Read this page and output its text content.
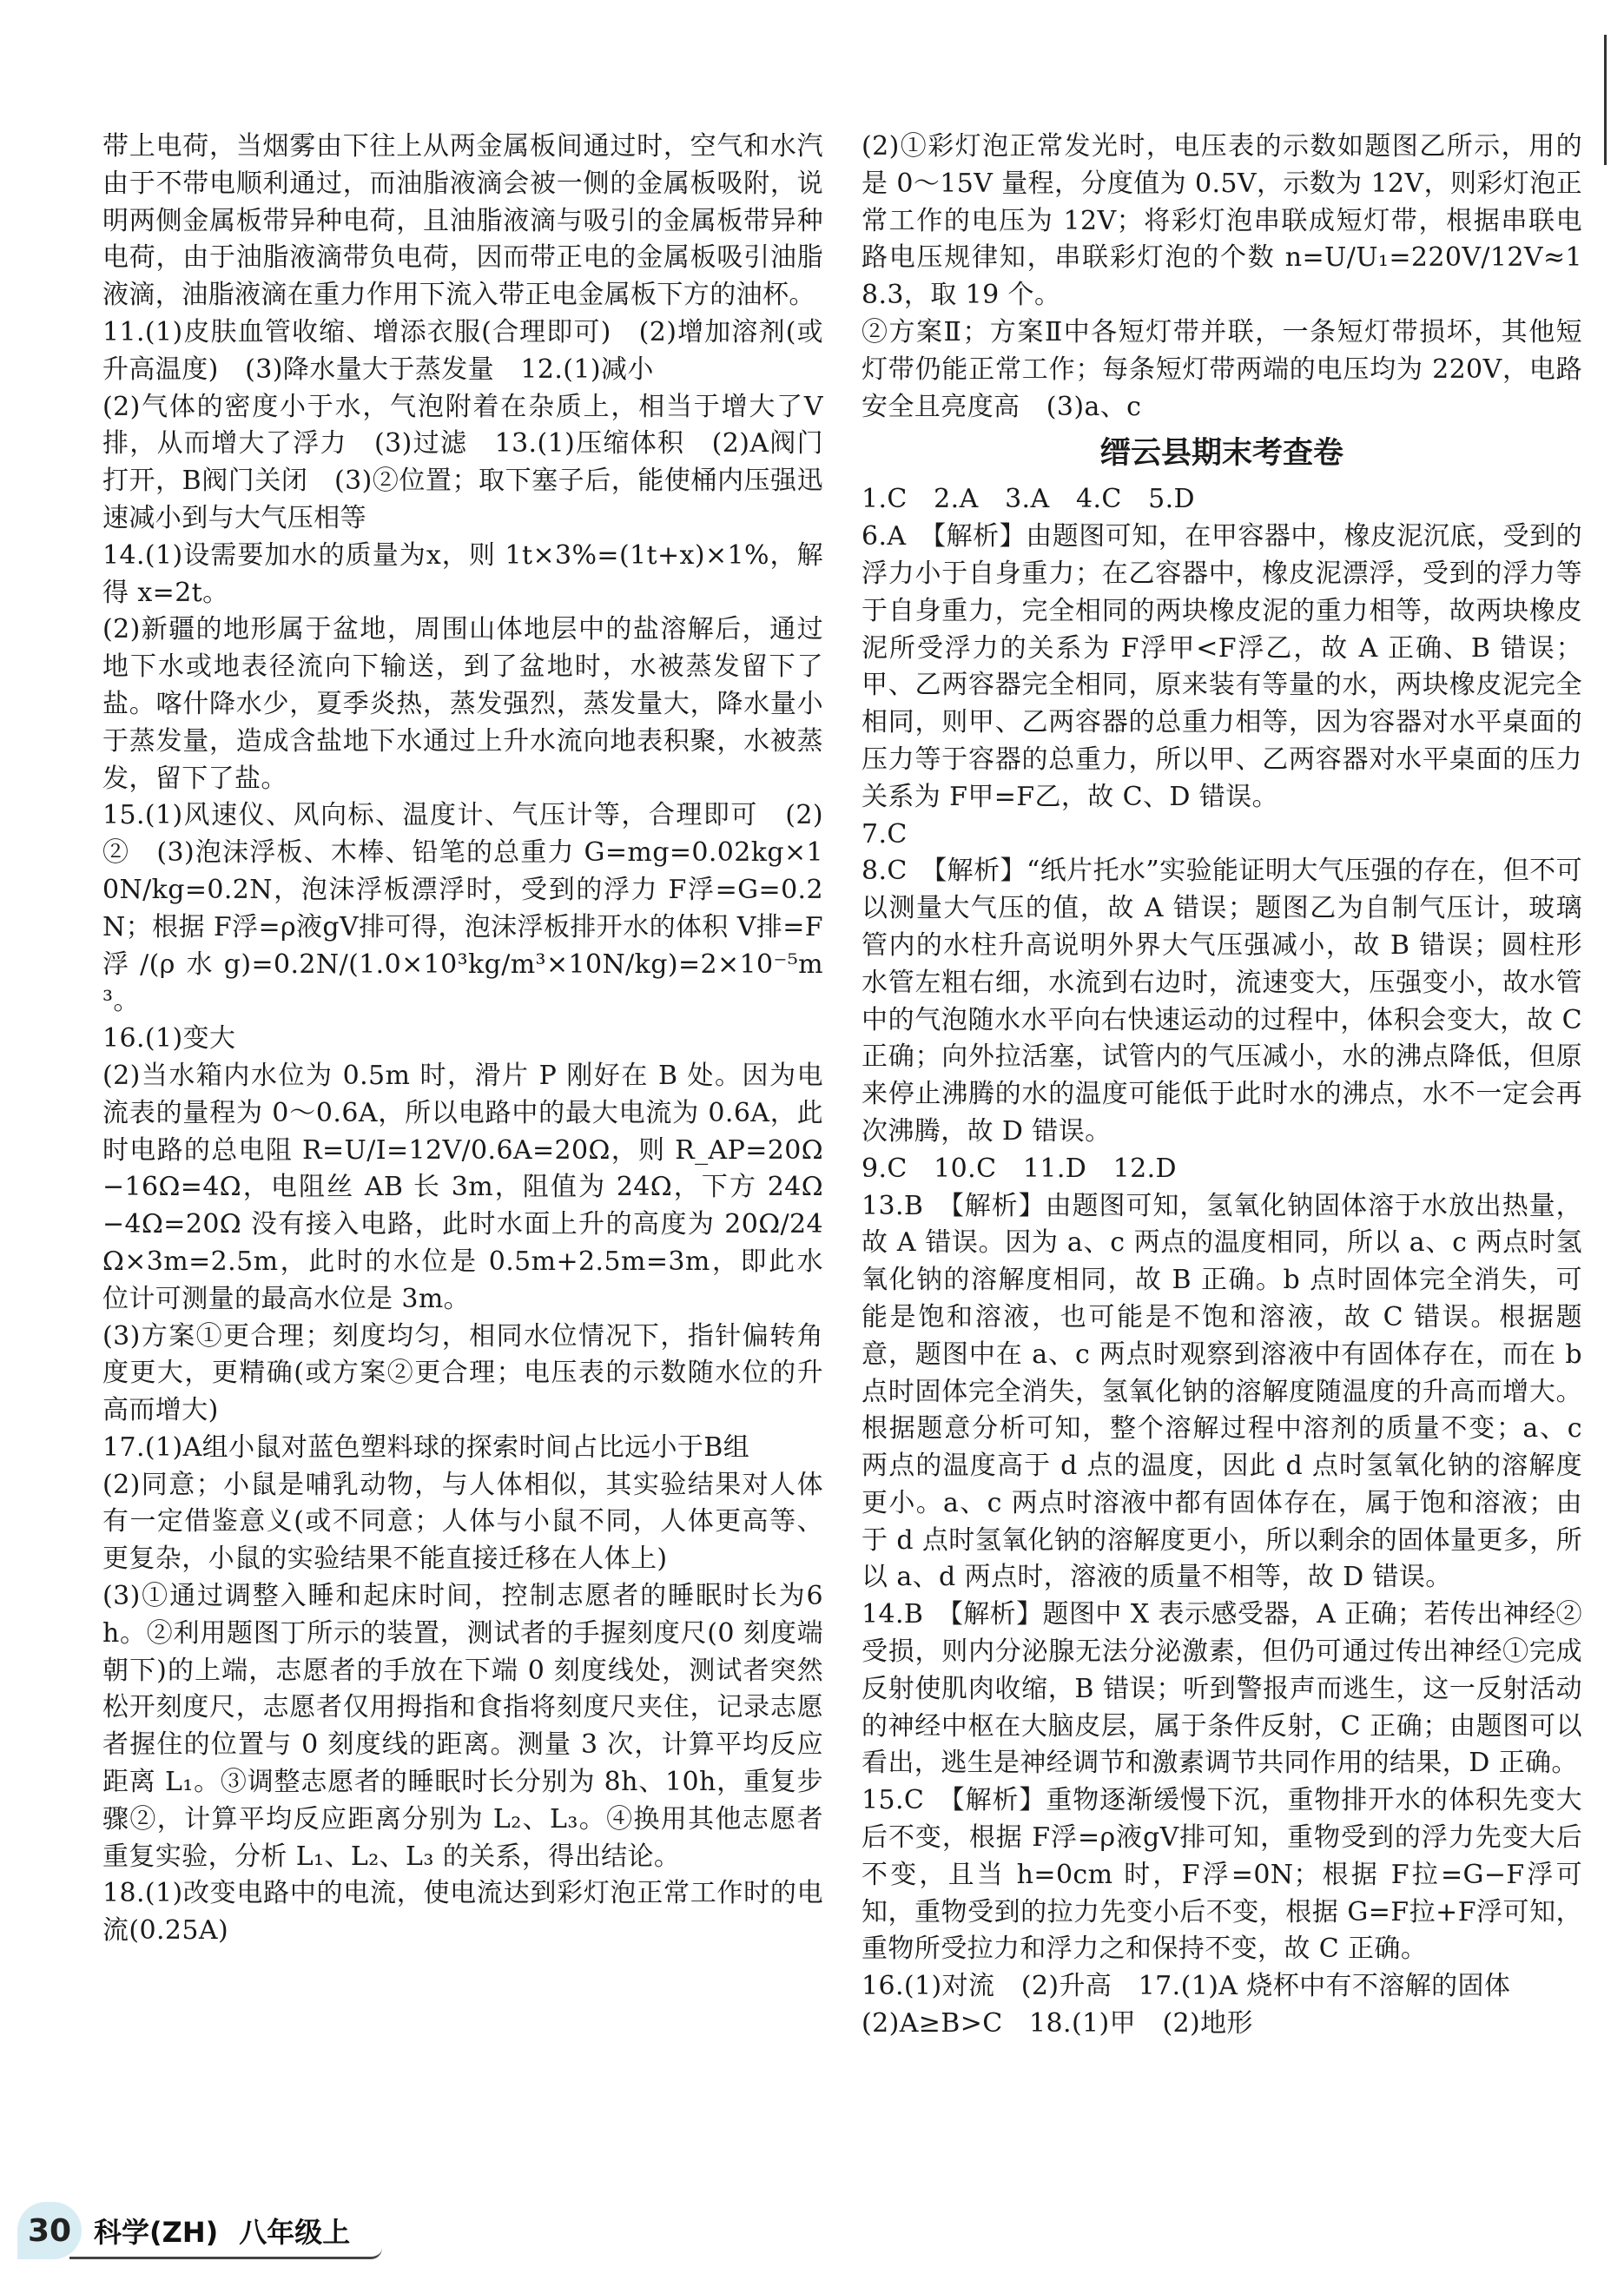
带上电荷，当烟雾由下往上从两金属板间通过时，空气和水汽由于不带电顺利通过，而油脂液滴会被一侧的金属板吸附，说明两侧金属板带异种电荷，且油脂液滴与吸引的金属板带异种电荷，由于油脂液滴带负电荷，因而带正电的金属板吸引油脂液滴，油脂液滴在重力作用下流入带正电金属板下方的油杯。

11.(1)皮肤血管收缩、增添衣服(合理即可)　(2)增加溶剂(或升高温度)　(3)降水量大于蒸发量　12.(1)减小

(2)气体的密度小于水，气泡附着在杂质上，相当于增大了V排，从而增大了浮力　(3)过滤　13.(1)压缩体积　(2)A阀门打开，B阀门关闭　(3)②位置；取下塞子后，能使桶内压强迅速减小到与大气压相等

14.(1)设需要加水的质量为x，则 1t×3%=(1t+x)×1%，解得 x=2t。

(2)新疆的地形属于盆地，周围山体地层中的盐溶解后，通过地下水或地表径流向下输送，到了盆地时，水被蒸发留下了盐。喀什降水少，夏季炎热，蒸发强烈，蒸发量大，降水量小于蒸发量，造成含盐地下水通过上升水流向地表积聚，水被蒸发，留下了盐。

15.(1)风速仪、风向标、温度计、气压计等，合理即可　(2)②　(3)泡沫浮板、木棒、铅笔的总重力 G=mg=0.02kg×10N/kg=0.2N，泡沫浮板漂浮时，受到的浮力 F浮=G=0.2N；根据 F浮=ρ液gV排可得，泡沫浮板排开水的体积 V排=F浮/(ρ水g)=0.2N/(1.0×10³kg/m³×10N/kg)=2×10⁻⁵m³。

16.(1)变大

(2)当水箱内水位为 0.5m 时，滑片 P 刚好在 B 处。因为电流表的量程为 0～0.6A，所以电路中的最大电流为 0.6A，此时电路的总电阻 R=U/I=12V/0.6A=20Ω，则 R_AP=20Ω−16Ω=4Ω，电阻丝 AB 长 3m，阻值为 24Ω，下方 24Ω−4Ω=20Ω 没有接入电路，此时水面上升的高度为 20Ω/24Ω×3m=2.5m，此时的水位是 0.5m+2.5m=3m，即此水位计可测量的最高水位是 3m。

(3)方案①更合理；刻度均匀，相同水位情况下，指针偏转角度更大，更精确(或方案②更合理；电压表的示数随水位的升高而增大)

17.(1)A组小鼠对蓝色塑料球的探索时间占比远小于B组

(2)同意；小鼠是哺乳动物，与人体相似，其实验结果对人体有一定借鉴意义(或不同意；人体与小鼠不同，人体更高等、更复杂，小鼠的实验结果不能直接迁移在人体上)

(3)①通过调整入睡和起床时间，控制志愿者的睡眠时长为6h。②利用题图丁所示的装置，测试者的手握刻度尺(0 刻度端朝下)的上端，志愿者的手放在下端 0 刻度线处，测试者突然松开刻度尺，志愿者仅用拇指和食指将刻度尺夹住，记录志愿者握住的位置与 0 刻度线的距离。测量 3 次，计算平均反应距离 L₁。③调整志愿者的睡眠时长分别为 8h、10h，重复步骤②，计算平均反应距离分别为 L₂、L₃。④换用其他志愿者重复实验，分析 L₁、L₂、L₃ 的关系，得出结论。

18.(1)改变电路中的电流，使电流达到彩灯泡正常工作时的电流(0.25A)

(2)①彩灯泡正常发光时，电压表的示数如题图乙所示，用的是 0～15V 量程，分度值为 0.5V，示数为 12V，则彩灯泡正常工作的电压为 12V；将彩灯泡串联成短灯带，根据串联电路电压规律知，串联彩灯泡的个数 n=U/U₁=220V/12V≈18.3，取 19 个。

②方案Ⅱ；方案Ⅱ中各短灯带并联，一条短灯带损坏，其他短灯带仍能正常工作；每条短灯带两端的电压均为 220V，电路安全且亮度高　(3)a、c

缙云县期末考查卷

1.C　2.A　3.A　4.C　5.D

6.A　【解析】由题图可知，在甲容器中，橡皮泥沉底，受到的浮力小于自身重力；在乙容器中，橡皮泥漂浮，受到的浮力等于自身重力，完全相同的两块橡皮泥的重力相等，故两块橡皮泥所受浮力的关系为 F浮甲<F浮乙，故 A 正确、B 错误；甲、乙两容器完全相同，原来装有等量的水，两块橡皮泥完全相同，则甲、乙两容器的总重力相等，因为容器对水平桌面的压力等于容器的总重力，所以甲、乙两容器对水平桌面的压力关系为 F甲=F乙，故 C、D 错误。

7.C

8.C　【解析】“纸片托水”实验能证明大气压强的存在，但不可以测量大气压的值，故 A 错误；题图乙为自制气压计，玻璃管内的水柱升高说明外界大气压强减小，故 B 错误；圆柱形水管左粗右细，水流到右边时，流速变大，压强变小，故水管中的气泡随水水平向右快速运动的过程中，体积会变大，故 C 正确；向外拉活塞，试管内的气压减小，水的沸点降低，但原来停止沸腾的水的温度可能低于此时水的沸点，水不一定会再次沸腾，故 D 错误。

9.C　10.C　11.D　12.D

13.B　【解析】由题图可知，氢氧化钠固体溶于水放出热量，故 A 错误。因为 a、c 两点的温度相同，所以 a、c 两点时氢氧化钠的溶解度相同，故 B 正确。b 点时固体完全消失，可能是饱和溶液，也可能是不饱和溶液，故 C 错误。根据题意，题图中在 a、c 两点时观察到溶液中有固体存在，而在 b 点时固体完全消失，氢氧化钠的溶解度随温度的升高而增大。根据题意分析可知，整个溶解过程中溶剂的质量不变；a、c 两点的温度高于 d 点的温度，因此 d 点时氢氧化钠的溶解度更小。a、c 两点时溶液中都有固体存在，属于饱和溶液；由于 d 点时氢氧化钠的溶解度更小，所以剩余的固体量更多，所以 a、d 两点时，溶液的质量不相等，故 D 错误。

14.B　【解析】题图中 X 表示感受器，A 正确；若传出神经②受损，则内分泌腺无法分泌激素，但仍可通过传出神经①完成反射使肌肉收缩，B 错误；听到警报声而逃生，这一反射活动的神经中枢在大脑皮层，属于条件反射，C 正确；由题图可以看出，逃生是神经调节和激素调节共同作用的结果，D 正确。

15.C　【解析】重物逐渐缓慢下沉，重物排开水的体积先变大后不变，根据 F浮=ρ液gV排可知，重物受到的浮力先变大后不变，且当 h=0cm 时，F浮=0N；根据 F拉=G−F浮可知，重物受到的拉力先变小后不变，根据 G=F拉+F浮可知，重物所受拉力和浮力之和保持不变，故 C 正确。

16.(1)对流　(2)升高　17.(1)A 烧杯中有不溶解的固体

(2)A≥B>C　18.(1)甲　(2)地形

30 科学(ZH) 八年级上
